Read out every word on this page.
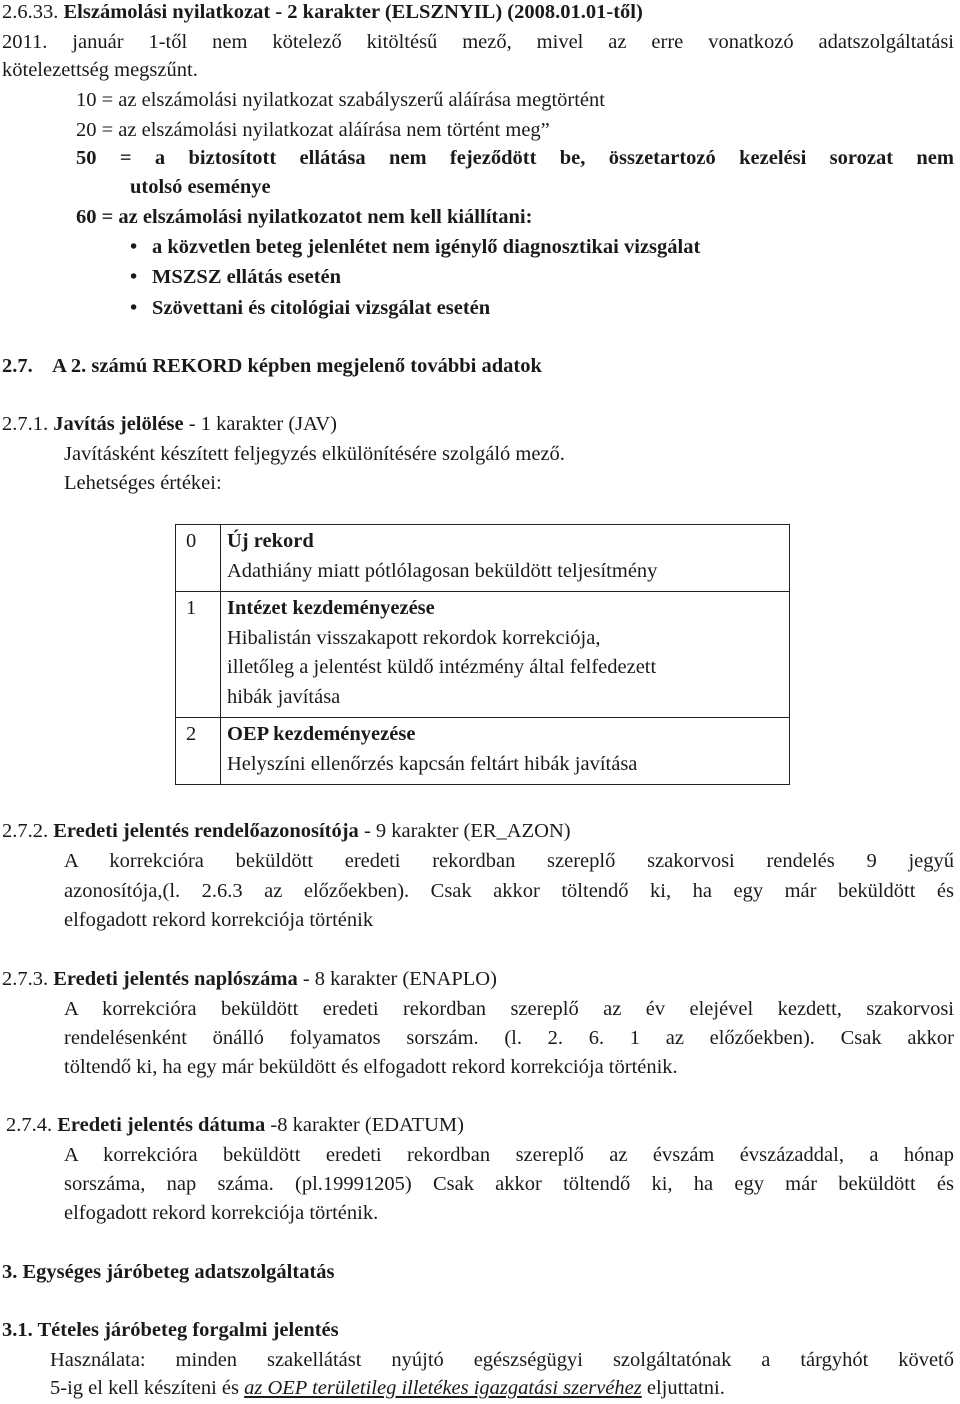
2.6.33. Elszámolási nyilatkozat - 2 karakter (ELSZNYIL) (2008.01.01-től)
2011. január 1-től nem kötelező kitöltésű mező, mivel az erre vonatkozó adatszolgáltatási
kötelezettség megszűnt.
10 = az elszámolási nyilatkozat szabályszerű aláírása megtörtént
20 = az elszámolási nyilatkozat aláírása nem történt meg”
50 = a biztosított ellátása nem fejeződött be, összetartozó kezelési sorozat nem
utolsó eseménye
60 = az elszámolási nyilatkozatot nem kell kiállítani:
• a közvetlen beteg jelenlétet nem igénylő diagnosztikai vizsgálat
• MSZSZ ellátás esetén
• Szövettani és citológiai vizsgálat esetén
2.7.    A 2. számú REKORD képben megjelenő további adatok
2.7.1. Javítás jelölése - 1 karakter (JAV)
Javításként készített feljegyzés elkülönítésére szolgáló mező.
Lehetséges értékei:
0	Új rekord
Adathiány miatt pótlólagosan beküldött teljesítmény

1	Intézet kezdeményezése
Hibalistán visszakapott rekordok korrekciója,
illetőleg a jelentést küldő intézmény által felfedezett
hibák javítása

2	OEP kezdeményezése
Helyszíni ellenőrzés kapcsán feltárt hibák javítása
2.7.2. Eredeti jelentés rendelőazonosítója - 9 karakter (ER_AZON)
A korrekcióra beküldött eredeti rekordban szereplő szakorvosi rendelés 9 jegyű
azonosítója,(l. 2.6.3 az előzőekben). Csak akkor töltendő ki, ha egy már beküldött és
elfogadott rekord korrekciója történik
2.7.3. Eredeti jelentés naplószáma - 8 karakter (ENAPLO)
A korrekcióra beküldött eredeti rekordban szereplő az év elejével kezdett, szakorvosi
rendelésenként önálló folyamatos sorszám. (l. 2. 6. 1 az előzőekben). Csak akkor
töltendő ki, ha egy már beküldött és elfogadott rekord korrekciója történik.
2.7.4. Eredeti jelentés dátuma -8 karakter (EDATUM)
A korrekcióra beküldött eredeti rekordban szereplő az évszám évszázaddal, a hónap
sorszáma, nap száma. (pl.19991205) Csak akkor töltendő ki, ha egy már beküldött és
elfogadott rekord korrekciója történik.
3. Egységes járóbeteg adatszolgáltatás
3.1. Tételes járóbeteg forgalmi jelentés
Használata: minden szakellátást nyújtó egészségügyi szolgáltatónak a tárgyhót követő
5-ig el kell készíteni és az OEP területileg illetékes igazgatási szervéhez eljuttatni.
